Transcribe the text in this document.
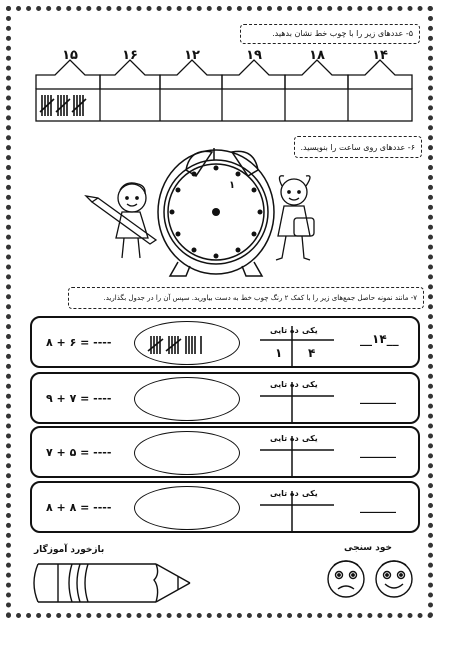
۵- عددهای زیر را با چوب خط نشان بدهید.
۱۵	۱۶	۱۲	۱۹	۱۸	۱۴
۶- عددهای روی ساعت را بنویسید.
۱
۷- مانند نمونه حاصل جمع‌های زیر را با کمک ۲ رنگ چوب خط به دست بیاورید. سپس آن را در جدول بگذارید.
۸ + ۶ = ----
ده تایی یکی
۱ ۴
__۱۴__
۹ + ۷ = ----
ده تایی یکی
______
۷ + ۵ = ----
ده تایی یکی
______
۸ + ۸ = ----
ده تایی یکی
______
بازخورد آموزگار	خود سنجی
